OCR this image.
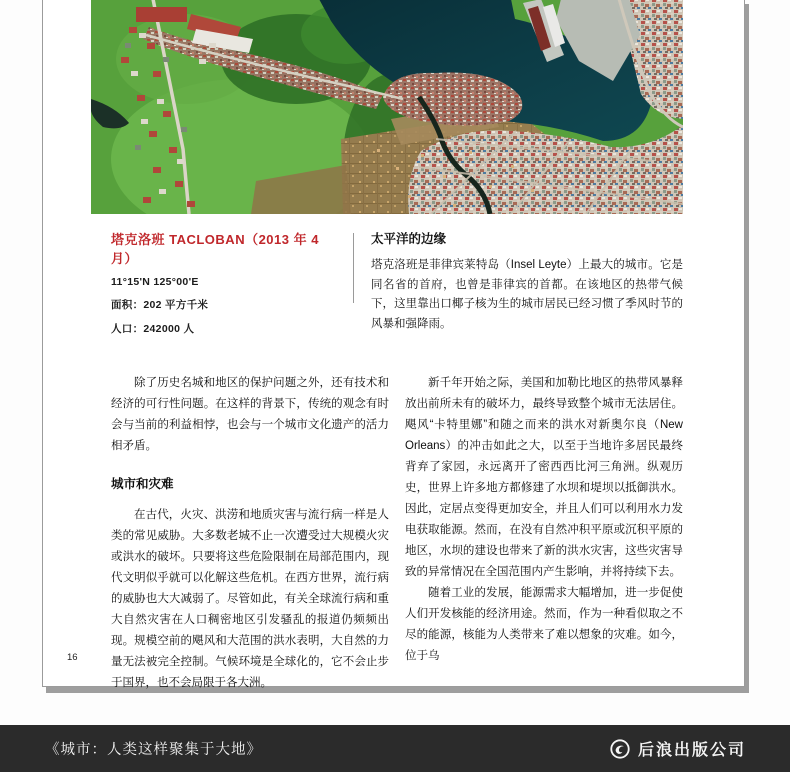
塔克洛班 TACLOBAN（2013 年 4 月）
11°15'N 125°00'E
面积：202 平方千米
人口：242000 人
太平洋的边缘

塔克洛班是菲律宾莱特岛（Insel Leyte）上最大的城市。它是同名省的首府，也曾是菲律宾的首都。在该地区的热带气候下，这里靠出口椰子核为生的城市居民已经习惯了季风时节的风暴和强降雨。

除了历史名城和地区的保护问题之外，还有技术和经济的可行性问题。在这样的背景下，传统的观念有时会与当前的利益相悖，也会与一个城市文化遗产的活力相矛盾。

城市和灾难

在古代，火灾、洪涝和地质灾害与流行病一样是人类的常见威胁。大多数老城不止一次遭受过大规模火灾或洪水的破坏。只要将这些危险限制在局部范围内，现代文明似乎就可以化解这些危机。在西方世界，流行病的威胁也大大减弱了。尽管如此，有关全球流行病和重大自然灾害在人口稠密地区引发骚乱的报道仍频频出现。规模空前的飓风和大范围的洪水表明，大自然的力量无法被完全控制。气候环境是全球化的，它不会止步于国界，也不会局限于各大洲。

新千年开始之际，美国和加勒比地区的热带风暴释放出前所未有的破坏力，最终导致整个城市无法居住。飓风“卡特里娜”和随之而来的洪水对新奥尔良（New Orleans）的冲击如此之大，以至于当地许多居民最终背弃了家园，永远离开了密西西比河三角洲。纵观历史，世界上许多地方都修建了水坝和堤坝以抵御洪水。因此，定居点变得更加安全，并且人们可以利用水力发电获取能源。然而，在没有自然冲积平原或沉积平原的地区，水坝的建设也带来了新的洪水灾害，这些灾害导致的异常情况在全国范围内产生影响，并将持续下去。

随着工业的发展，能源需求大幅增加，进一步促使人们开发核能的经济用途。然而，作为一种看似取之不尽的能源，核能为人类带来了难以想象的灾难。如今，位于乌

16
《城市：人类这样聚集于大地》	后浪出版公司
